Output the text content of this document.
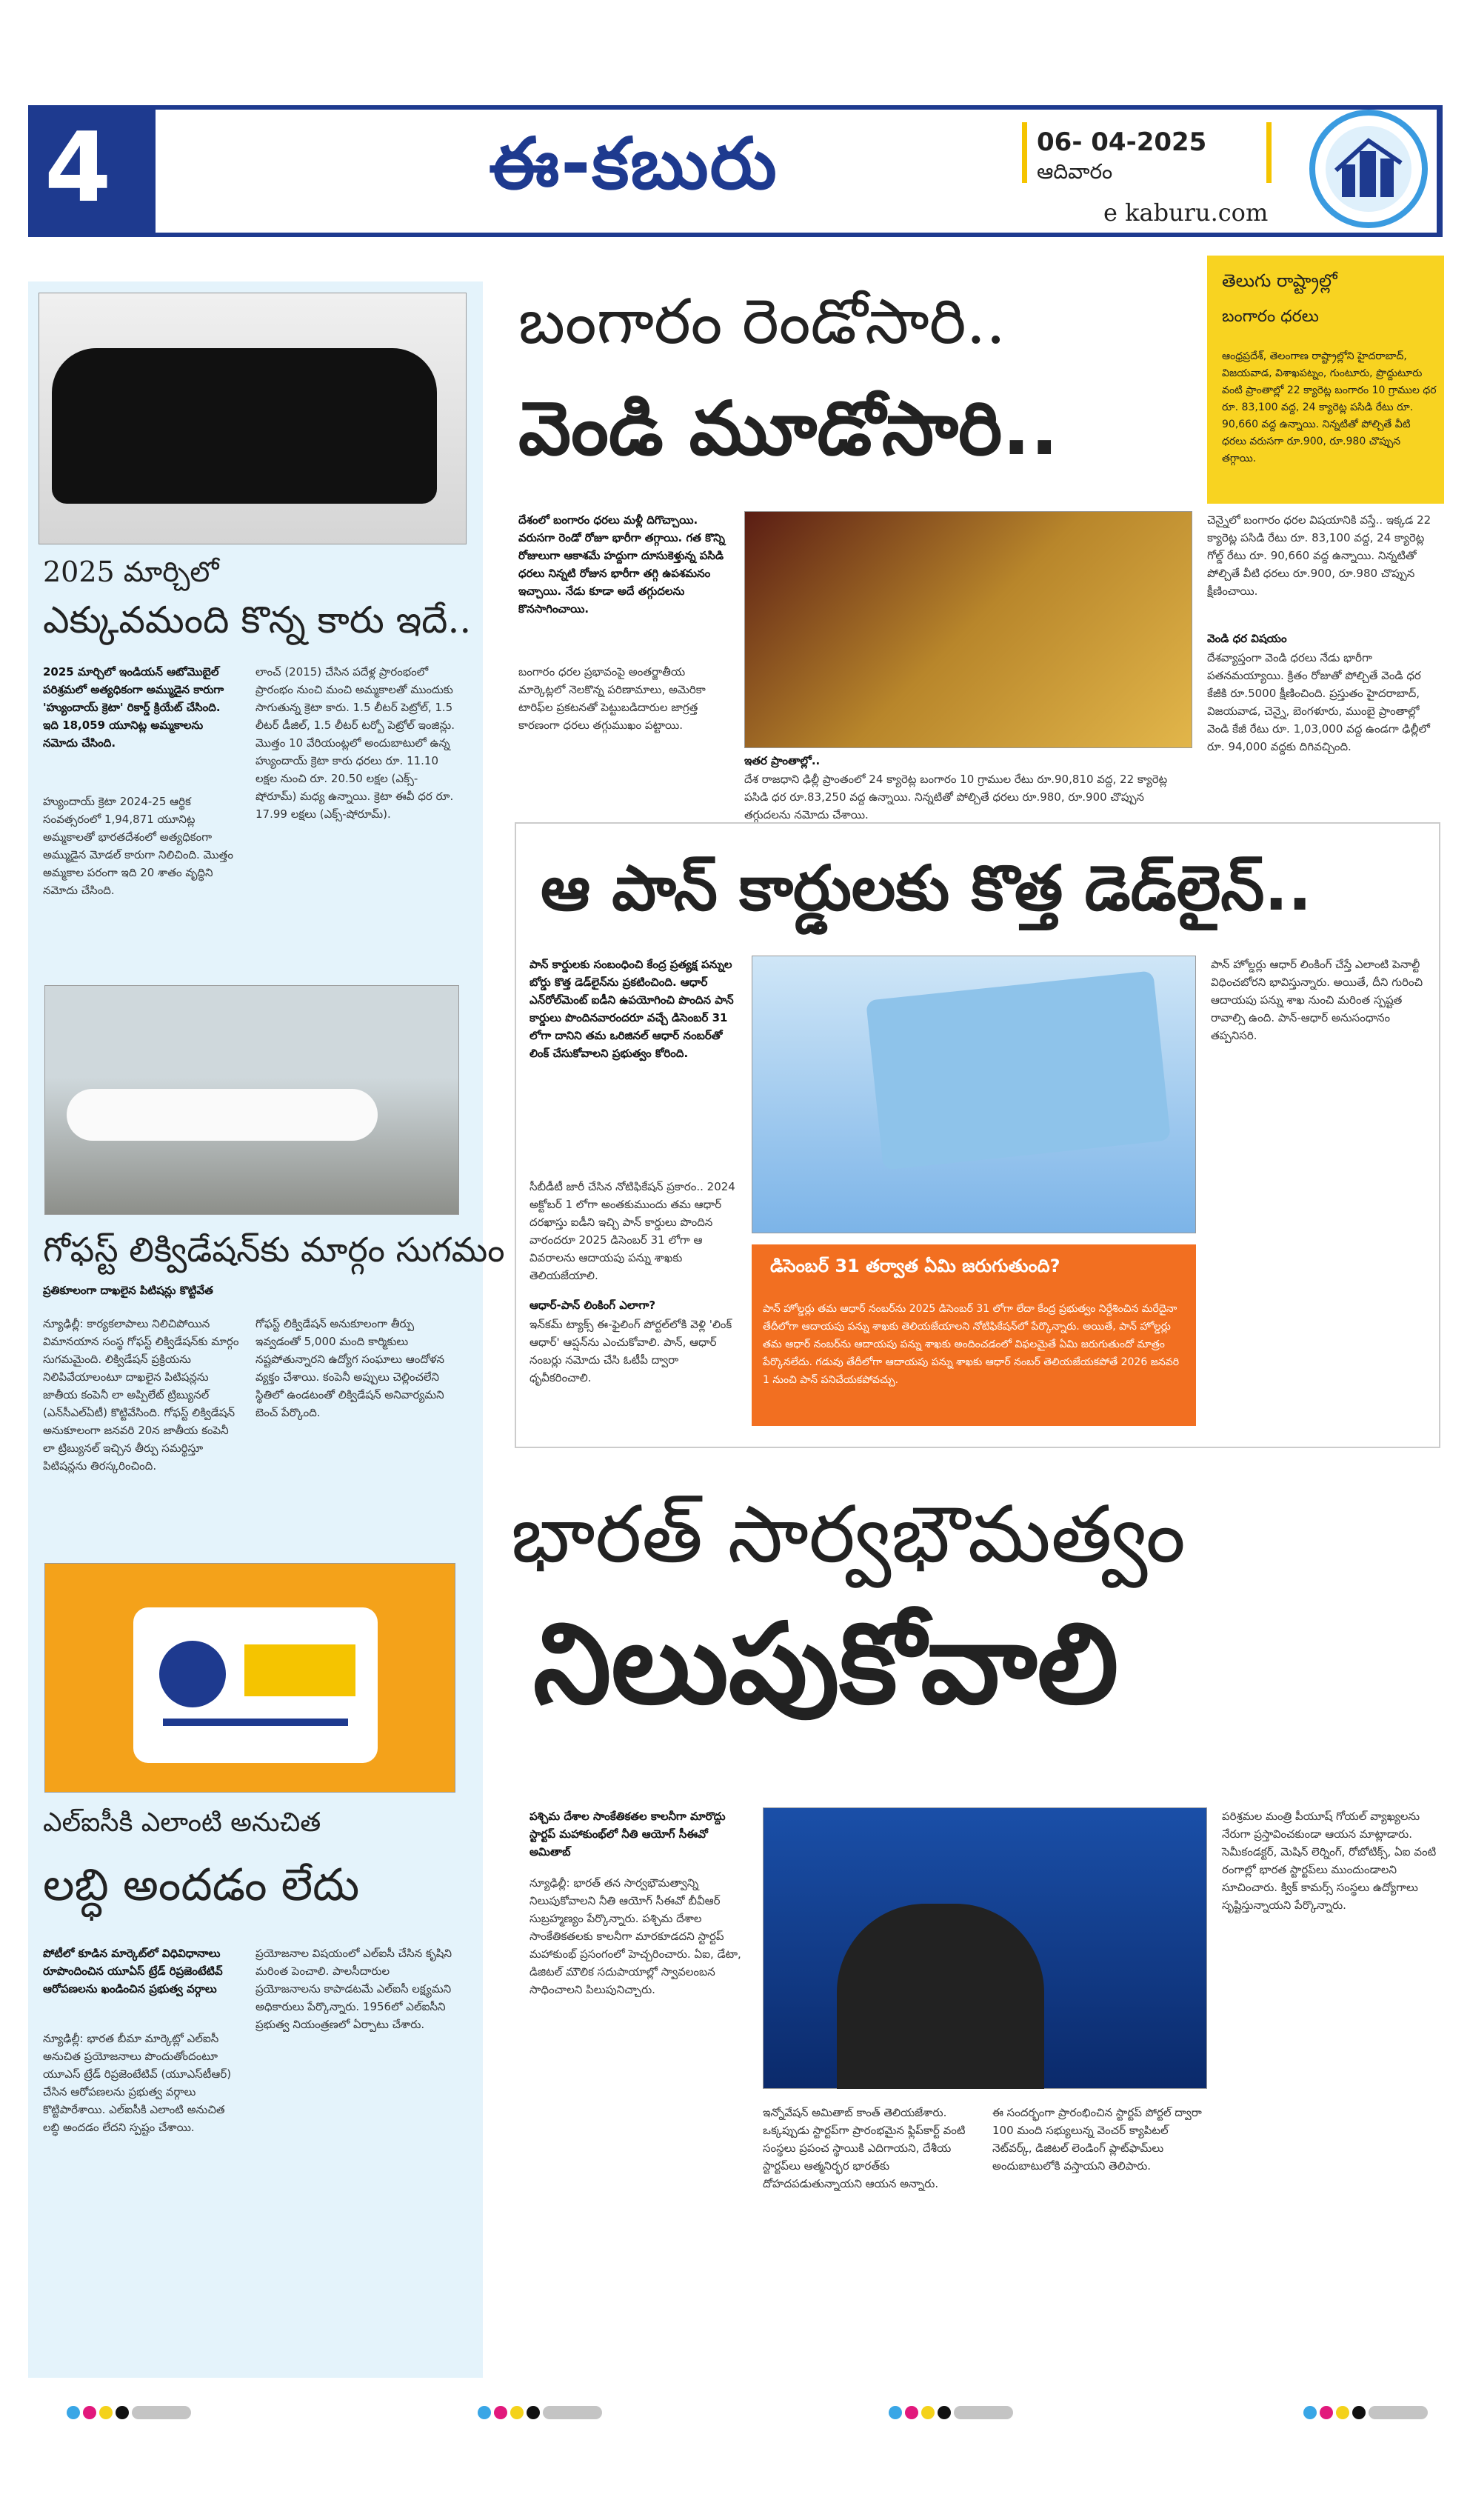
4	ఈ-కబురు	06- 04-2025
ఆదివారం
e kaburu.com
2025 మార్చిలో
ఎక్కువమంది కొన్న కారు ఇదే..
2025 మార్చిలో ఇండియన్ ఆటోమొబైల్ పరిశ్రమలో అత్యధికంగా అమ్ముడైన కారుగా 'హ్యుందాయ్ క్రెటా' రికార్డ్ క్రియేట్ చేసింది. ఇది 18,059 యూనిట్ల అమ్మకాలను నమోదు చేసింది.
హ్యుందాయ్ క్రెటా 2024-25 ఆర్థిక సంవత్సరంలో 1,94,871 యూనిట్ల అమ్మకాలతో భారతదేశంలో అత్యధికంగా అమ్ముడైన మోడల్ కారుగా నిలిచింది. మొత్తం అమ్మకాల పరంగా ఇది 20 శాతం వృద్ధిని నమోదు చేసింది.
లాంచ్ (2015) చేసిన పదేళ్ల ప్రారంభంలో ప్రారంభం నుంచి మంచి అమ్మకాలతో ముందుకు సాగుతున్న క్రెటా కారు. 1.5 లీటర్ పెట్రోల్, 1.5 లీటర్ డీజిల్, 1.5 లీటర్ టర్బో పెట్రోల్ ఇంజిన్లు. మొత్తం 10 వేరియంట్లలో అందుబాటులో ఉన్న హ్యుందాయ్ క్రెటా కారు ధరలు రూ. 11.10 లక్షల నుంచి రూ. 20.50 లక్షల (ఎక్స్-షోరూమ్) మధ్య ఉన్నాయి. క్రెటా ఈవీ ధర రూ. 17.99 లక్షలు (ఎక్స్-షోరూమ్).
గోఫస్ట్ లిక్విడేషన్‌కు మార్గం సుగమం
ప్రతికూలంగా దాఖలైన పిటిషన్లు కొట్టివేత
న్యూఢిల్లీ: కార్యకలాపాలు నిలిచిపోయిన విమానయాన సంస్థ గోఫస్ట్ లిక్విడేషన్‌కు మార్గం సుగమమైంది. లిక్విడేషన్ ప్రక్రియను నిలిపివేయాలంటూ దాఖలైన పిటిషన్లను జాతీయ కంపెనీ లా అప్పిలేట్ ట్రిబ్యునల్ (ఎన్‌సీఎల్ఏటీ) కొట్టివేసింది. గోఫస్ట్ లిక్విడేషన్ అనుకూలంగా జనవరి 20న జాతీయ కంపెనీ లా ట్రిబ్యునల్ ఇచ్చిన తీర్పు సమర్థిస్తూ పిటిషన్లను తిరస్కరించింది.
గోఫస్ట్ లిక్విడేషన్ అనుకూలంగా తీర్పు ఇవ్వడంతో 5,000 మంది కార్మికులు నష్టపోతున్నారని ఉద్యోగ సంఘాలు ఆందోళన వ్యక్తం చేశాయి. కంపెనీ అప్పులు చెల్లించలేని స్థితిలో ఉండటంతో లిక్విడేషన్ అనివార్యమని బెంచ్ పేర్కొంది.
ఎల్‌ఐసీకి ఎలాంటి అనుచిత
లబ్ధి అందడం లేదు
పోటీలో కూడిన మార్కెట్‌లో విధివిధానాలు రూపొందించిన యూఏస్ ట్రేడ్ రిప్రజెంటేటివ్ ఆరోపణలను ఖండించిన ప్రభుత్వ వర్గాలు
న్యూఢిల్లీ: భారత బీమా మార్కెట్లో ఎల్‌ఐసీ అనుచిత ప్రయోజనాలు పొందుతోందంటూ యూఎస్ ట్రేడ్ రిప్రజెంటేటివ్ (యూఎస్‌టీఆర్) చేసిన ఆరోపణలను ప్రభుత్వ వర్గాలు కొట్టిపారేశాయి. ఎల్‌ఐసీకి ఎలాంటి అనుచిత లబ్ధి అందడం లేదని స్పష్టం చేశాయి.
ప్రయోజనాల విషయంలో ఎల్‌ఐసీ చేసిన కృషిని మరింత పెంచాలి. పాలసీదారుల ప్రయోజనాలను కాపాడటమే ఎల్‌ఐసీ లక్ష్యమని అధికారులు పేర్కొన్నారు. 1956లో ఎల్‌ఐసీని ప్రభుత్వ నియంత్రణలో ఏర్పాటు చేశారు.
బంగారం రెండోసారి..
వెండి మూడోసారి..
దేశంలో బంగారం ధరలు మళ్లీ దిగొచ్చాయి. వరుసగా రెండో రోజూ భారీగా తగ్గాయి. గత కొన్ని రోజులుగా ఆకాశమే హద్దుగా దూసుకెళ్తున్న పసిడి ధరలు నిన్నటి రోజున భారీగా తగ్గి ఉపశమనం ఇచ్చాయి. నేడు కూడా అదే తగ్గుదలను కొనసాగించాయి.
బంగారం ధరల ప్రభావంపై అంతర్జాతీయ మార్కెట్లలో నెలకొన్న పరిణామాలు, అమెరికా టారిఫ్‌ల ప్రకటనతో పెట్టుబడిదారుల జాగ్రత్త కారణంగా ధరలు తగ్గుముఖం పట్టాయి.
ఇతర ప్రాంతాల్లో..
దేశ రాజధాని ఢిల్లీ ప్రాంతంలో 24 క్యారెట్ల బంగారం 10 గ్రాముల రేటు రూ.90,810 వద్ద, 22 క్యారెట్ల పసిడి ధర రూ.83,250 వద్ద ఉన్నాయి. నిన్నటితో పోల్చితే ధరలు రూ.980, రూ.900 చొప్పున తగ్గుదలను నమోదు చేశాయి.
చెన్నైలో బంగారం ధరల విషయానికి వస్తే.. ఇక్కడ 22 క్యారెట్ల పసిడి రేటు రూ. 83,100 వద్ద, 24 క్యారెట్ల గోల్డ్ రేటు రూ. 90,660 వద్ద ఉన్నాయి. నిన్నటితో పోల్చితే వీటి ధరలు రూ.900, రూ.980 చొప్పున క్షీణించాయి.
వెండి ధర విషయం
దేశవ్యాప్తంగా వెండి ధరలు నేడు భారీగా పతనమయ్యాయి. క్రితం రోజుతో పోల్చితే వెండి ధర కేజీకి రూ.5000 క్షీణించింది. ప్రస్తుతం హైదరాబాద్‌, విజయవాడ, చెన్నై, బెంగళూరు, ముంబై ప్రాంతాల్లో వెండి కేజీ రేటు రూ. 1,03,000 వద్ద ఉండగా ఢిల్లీలో రూ. 94,000 వద్దకు దిగివచ్చింది.
తెలుగు రాష్ట్రాల్లో
బంగారం ధరలు
ఆంధ్రప్రదేశ్, తెలంగాణ రాష్ట్రాల్లోని హైదరాబాద్, విజయవాడ, విశాఖపట్నం, గుంటూరు, ప్రొద్దుటూరు వంటి ప్రాంతాల్లో 22 క్యారెట్ల బంగారం 10 గ్రాముల ధర రూ. 83,100 వద్ద, 24 క్యారెట్ల పసిడి రేటు రూ. 90,660 వద్ద ఉన్నాయి. నిన్నటితో పోల్చితే వీటి ధరలు వరుసగా రూ.900, రూ.980 చొప్పున తగ్గాయి.
ఆ పాన్ కార్డులకు కొత్త డెడ్‌లైన్..
పాన్ కార్డులకు సంబంధించి కేంద్ర ప్రత్యక్ష పన్నుల బోర్డు కొత్త డెడ్‌లైన్‌ను ప్రకటించింది. ఆధార్ ఎన్‌రోల్‌మెంట్ ఐడీని ఉపయోగించి పొందిన పాన్ కార్డులు పొందినవారందరూ వచ్చే డిసెంబర్ 31 లోగా దానిని తమ ఒరిజినల్ ఆధార్ నంబర్‌తో లింక్ చేసుకోవాలని ప్రభుత్వం కోరింది.
సీబీడీటీ జారీ చేసిన నోటిఫికేషన్ ప్రకారం.. 2024 అక్టోబర్ 1 లోగా అంతకుముందు తమ ఆధార్ దరఖాస్తు ఐడీని ఇచ్చి పాన్ కార్డులు పొందిన వారందరూ 2025 డిసెంబర్ 31 లోగా ఆ వివరాలను ఆదాయపు పన్ను శాఖకు తెలియజేయాలి.
ఆధార్-పాన్ లింకింగ్ ఎలాగా?
ఇన్‌కమ్ ట్యాక్స్ ఈ-ఫైలింగ్ పోర్టల్‌లోకి వెళ్లి 'లింక్ ఆధార్' ఆప్షన్‌ను ఎంచుకోవాలి. పాన్, ఆధార్ నంబర్లు నమోదు చేసి ఓటీపీ ద్వారా ధృవీకరించాలి.
డిసెంబర్ 31 తర్వాత ఏమి జరుగుతుంది?
పాన్ హోల్డర్లు తమ ఆధార్ నంబర్‌ను 2025 డిసెంబర్ 31 లోగా లేదా కేంద్ర ప్రభుత్వం నిర్దేశించిన మరేదైనా తేదీలోగా ఆదాయపు పన్ను శాఖకు తెలియజేయాలని నోటిఫికేషన్‌లో పేర్కొన్నారు. అయితే, పాన్ హోల్డర్లు తమ ఆధార్ నంబర్‌ను ఆదాయపు పన్ను శాఖకు అందించడంలో విఫలమైతే ఏమి జరుగుతుందో మాత్రం పేర్కొనలేదు. గడువు తేదీలోగా ఆదాయపు పన్ను శాఖకు ఆధార్ నంబర్ తెలియజేయకపోతే 2026 జనవరి 1 నుంచి పాన్ పనిచేయకపోవచ్చు.
పాన్ హోల్డర్లు ఆధార్ లింకింగ్ చేస్తే ఎలాంటి పెనాల్టీ విధించబోరని భావిస్తున్నారు. అయితే, దీని గురించి ఆదాయపు పన్ను శాఖ నుంచి మరింత స్పష్టత రావాల్సి ఉంది. పాన్-ఆధార్ అనుసంధానం తప్పనిసరి.
భారత్ సార్వభౌమత్వం
నిలుపుకోవాలి
పశ్చిమ దేశాల సాంకేతికతల కాలనీగా మారొద్దు స్టార్టప్ మహాకుంభ్‌లో నీతి ఆయోగ్ సీఈవో అమితాబ్
న్యూఢిల్లీ: భారత్ తన సార్వభౌమత్వాన్ని నిలుపుకోవాలని నీతి ఆయోగ్ సీఈవో బీవీఆర్ సుబ్రహ్మణ్యం పేర్కొన్నారు. పశ్చిమ దేశాల సాంకేతికతలకు కాలనీగా మారకూడదని స్టార్టప్ మహాకుంభ్ ప్రసంగంలో హెచ్చరించారు. ఏఐ, డేటా, డిజిటల్ మౌలిక సదుపాయాల్లో స్వావలంబన సాధించాలని పిలుపునిచ్చారు.
ఇన్నోవేషన్ అమితాబ్ కాంత్ తెలియజేశారు. ఒక్కప్పుడు స్టార్టప్‌గా ప్రారంభమైన ఫ్లిప్‌కార్ట్ వంటి సంస్థలు ప్రపంచ స్థాయికి ఎదిగాయని, దేశీయ స్టార్టప్‌లు ఆత్మనిర్భర భారత్‌కు దోహదపడుతున్నాయని ఆయన అన్నారు.
ఈ సందర్భంగా ప్రారంభించిన స్టార్టప్ పోర్టల్ ద్వారా 100 మంది సభ్యులున్న వెంచర్ క్యాపిటల్ నెట్‌వర్క్, డిజిటల్ లెండింగ్ ప్లాట్‌ఫామ్‌లు అందుబాటులోకి వస్తాయని తెలిపారు.
పరిశ్రమల మంత్రి పీయూష్ గోయల్ వ్యాఖ్యలను నేరుగా ప్రస్తావించకుండా ఆయన మాట్లాడారు. సెమీకండక్టర్, మెషిన్ లెర్నింగ్, రోబోటిక్స్, ఏఐ వంటి రంగాల్లో భారత స్టార్టప్‌లు ముందుండాలని సూచించారు. క్విక్ కామర్స్ సంస్థలు ఉద్యోగాలు సృష్టిస్తున్నాయని పేర్కొన్నారు.
